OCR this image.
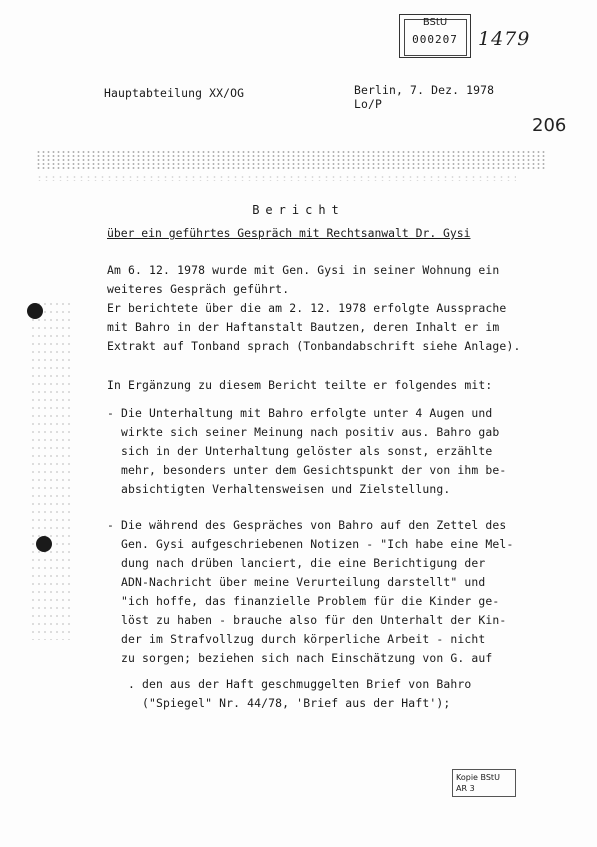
BStU
000207	1479
206
Hauptabteilung XX/OG	Berlin, 7. Dez. 1978
Lo/P
Bericht
über ein geführtes Gespräch mit Rechtsanwalt Dr. Gysi
Am 6. 12. 1978 wurde mit Gen. Gysi in seiner Wohnung ein
weiteres Gespräch geführt.
Er berichtete über die am 2. 12. 1978 erfolgte Aussprache
mit Bahro in der Haftanstalt Bautzen, deren Inhalt er im
Extrakt auf Tonband sprach (Tonbandabschrift siehe Anlage).
In Ergänzung zu diesem Bericht teilte er folgendes mit:
- Die Unterhaltung mit Bahro erfolgte unter 4 Augen und
wirkte sich seiner Meinung nach positiv aus. Bahro gab
sich in der Unterhaltung gelöster als sonst, erzählte
mehr, besonders unter dem Gesichtspunkt der von ihm be-
absichtigten Verhaltensweisen und Zielstellung.
- Die während des Gespräches von Bahro auf den Zettel des
Gen. Gysi aufgeschriebenen Notizen - "Ich habe eine Mel-
dung nach drüben lanciert, die eine Berichtigung der
ADN-Nachricht über meine Verurteilung darstellt" und
"ich hoffe, das finanzielle Problem für die Kinder ge-
löst zu haben - brauche also für den Unterhalt der Kin-
der im Strafvollzug durch körperliche Arbeit - nicht
zu sorgen; beziehen sich nach Einschätzung von G. auf
. den aus der Haft geschmuggelten Brief von Bahro
("Spiegel" Nr. 44/78, 'Brief aus der Haft');
Kopie BStU
AR 3
